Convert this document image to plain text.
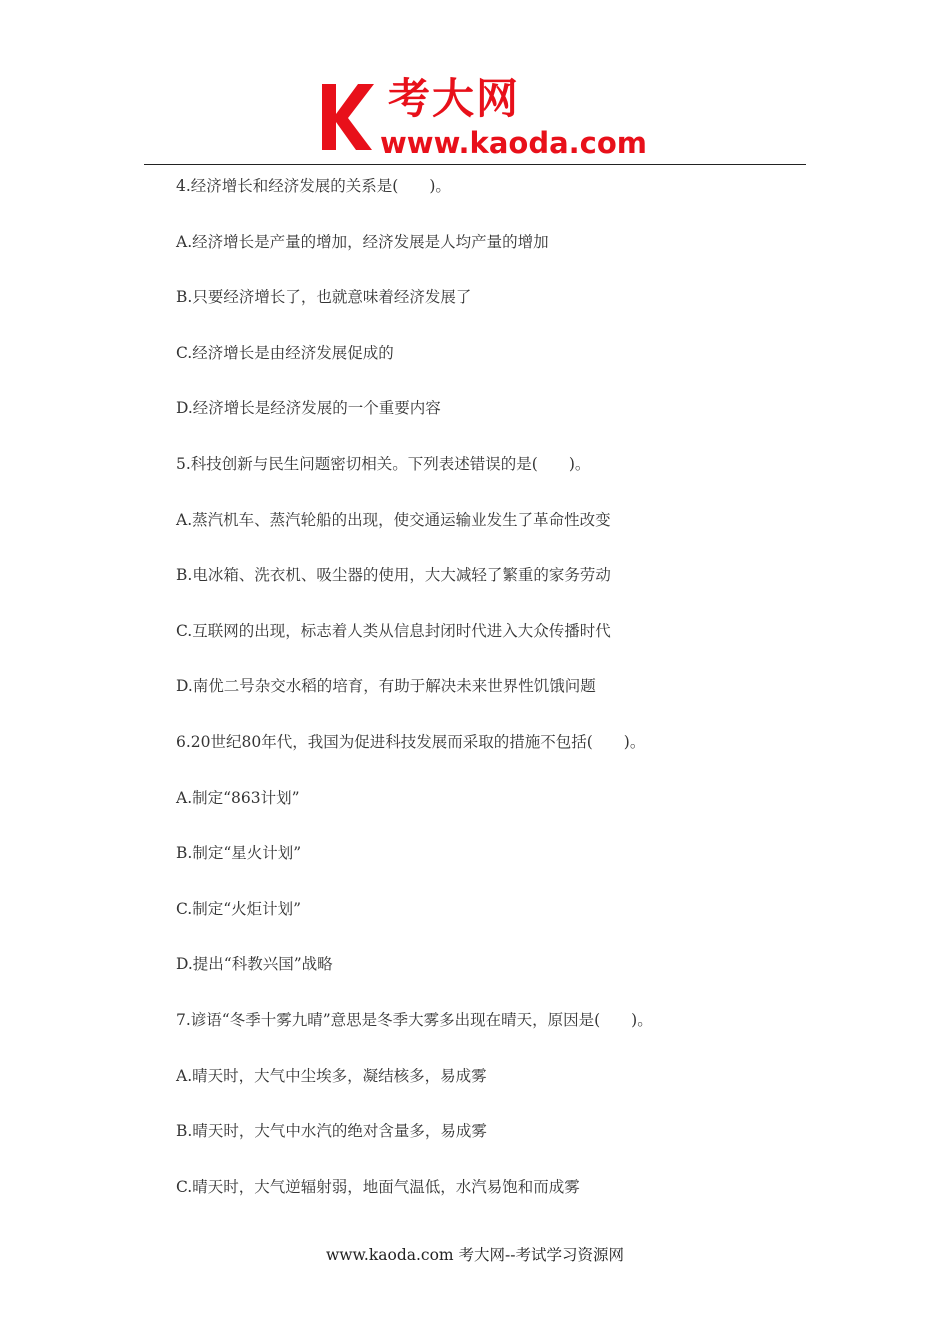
考大网
www.kaoda.com
4.经济增长和经济发展的关系是(　　)。
A.经济增长是产量的增加，经济发展是人均产量的增加
B.只要经济增长了，也就意味着经济发展了
C.经济增长是由经济发展促成的
D.经济增长是经济发展的一个重要内容
5.科技创新与民生问题密切相关。下列表述错误的是(　　)。
A.蒸汽机车、蒸汽轮船的出现，使交通运输业发生了革命性改变
B.电冰箱、洗衣机、吸尘器的使用，大大减轻了繁重的家务劳动
C.互联网的出现，标志着人类从信息封闭时代进入大众传播时代
D.南优二号杂交水稻的培育，有助于解决未来世界性饥饿问题
6.20世纪80年代，我国为促进科技发展而采取的措施不包括(　　)。
A.制定“863计划”
B.制定“星火计划”
C.制定“火炬计划”
D.提出“科教兴国”战略
7.谚语“冬季十雾九晴”意思是冬季大雾多出现在晴天，原因是(　　)。
A.晴天时，大气中尘埃多，凝结核多，易成雾
B.晴天时，大气中水汽的绝对含量多，易成雾
C.晴天时，大气逆辐射弱，地面气温低，水汽易饱和而成雾
www.kaoda.com 考大网--考试学习资源网
